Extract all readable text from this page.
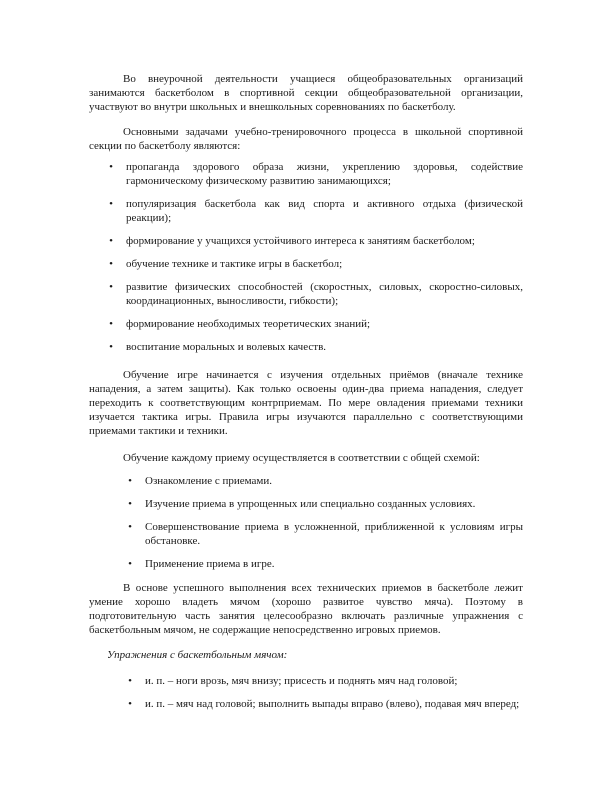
Во внеурочной деятельности учащиеся общеобразовательных организаций занимаются баскетболом в спортивной секции общеобразовательной организации, участвуют во внутри школьных и внешкольных соревнованиях по баскетболу.

Основными задачами учебно-тренировочного процесса в школьной спортивной секции по баскетболу являются:

• пропаганда здорового образа жизни, укреплению здоровья, содействие гармоническому физическому развитию занимающихся;
• популяризация баскетбола как вид спорта и активного отдыха (физической реакции);
• формирование у учащихся устойчивого интереса к занятиям баскетболом;
• обучение технике и тактике игры в баскетбол;
• развитие физических способностей (скоростных, силовых, скоростно-силовых, координационных, выносливости, гибкости);
• формирование необходимых теоретических знаний;
• воспитание моральных и волевых качеств.

Обучение игре начинается с изучения отдельных приёмов (вначале технике нападения, а затем защиты). Как только освоены один-два приема нападения, следует переходить к соответствующим контрприемам. По мере овладения приемами техники изучается тактика игры. Правила игры изучаются параллельно с соответствующими приемами тактики и техники.

Обучение каждому приему осуществляется в соответствии с общей схемой:

• Ознакомление с приемами.
• Изучение приема в упрощенных или специально созданных условиях.
• Совершенствование приема в усложненной, приближенной к условиям игры обстановке.
• Применение приема в игре.

В основе успешного выполнения всех технических приемов в баскетболе лежит умение хорошо владеть мячом (хорошо развитое чувство мяча). Поэтому в подготовительную часть занятия целесообразно включать различные упражнения с баскетбольным мячом, не содержащие непосредственно игровых приемов.

Упражнения с баскетбольным мячом:

• и. п. – ноги врозь, мяч внизу; присесть и поднять мяч над головой;
• и. п. – мяч над головой; выполнить выпады вправо (влево), подавая мяч вперед;
